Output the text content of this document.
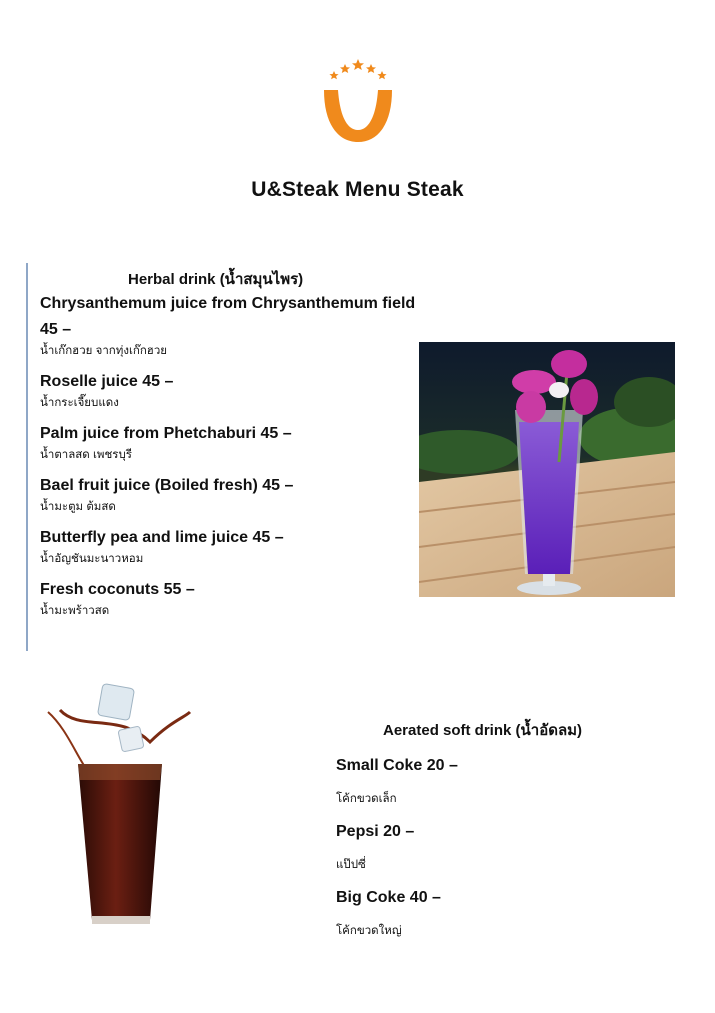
U&Steak Menu Steak
Herbal drink (น้ำสมุนไพร)
Chrysanthemum juice from Chrysanthemum field 45 –
น้ำเก๊กฮวย จากทุ่งเก๊กฮวย
Roselle juice 45 –
น้ำกระเจี๊ยบแดง
Palm juice from Phetchaburi 45 –
น้ำตาลสด เพชรบุรี
Bael fruit juice (Boiled fresh) 45 –
น้ำมะตูม ต้มสด
Butterfly pea and lime juice 45 –
น้ำอัญชันมะนาวหอม
Fresh coconuts 55 –
น้ำมะพร้าวสด
Aerated soft drink (น้ำอัดลม)
Small Coke 20 –
โค้กขวดเล็ก
Pepsi 20 –
แป๊ปซี่
Big Coke 40 –
โค้กขวดใหญ่
